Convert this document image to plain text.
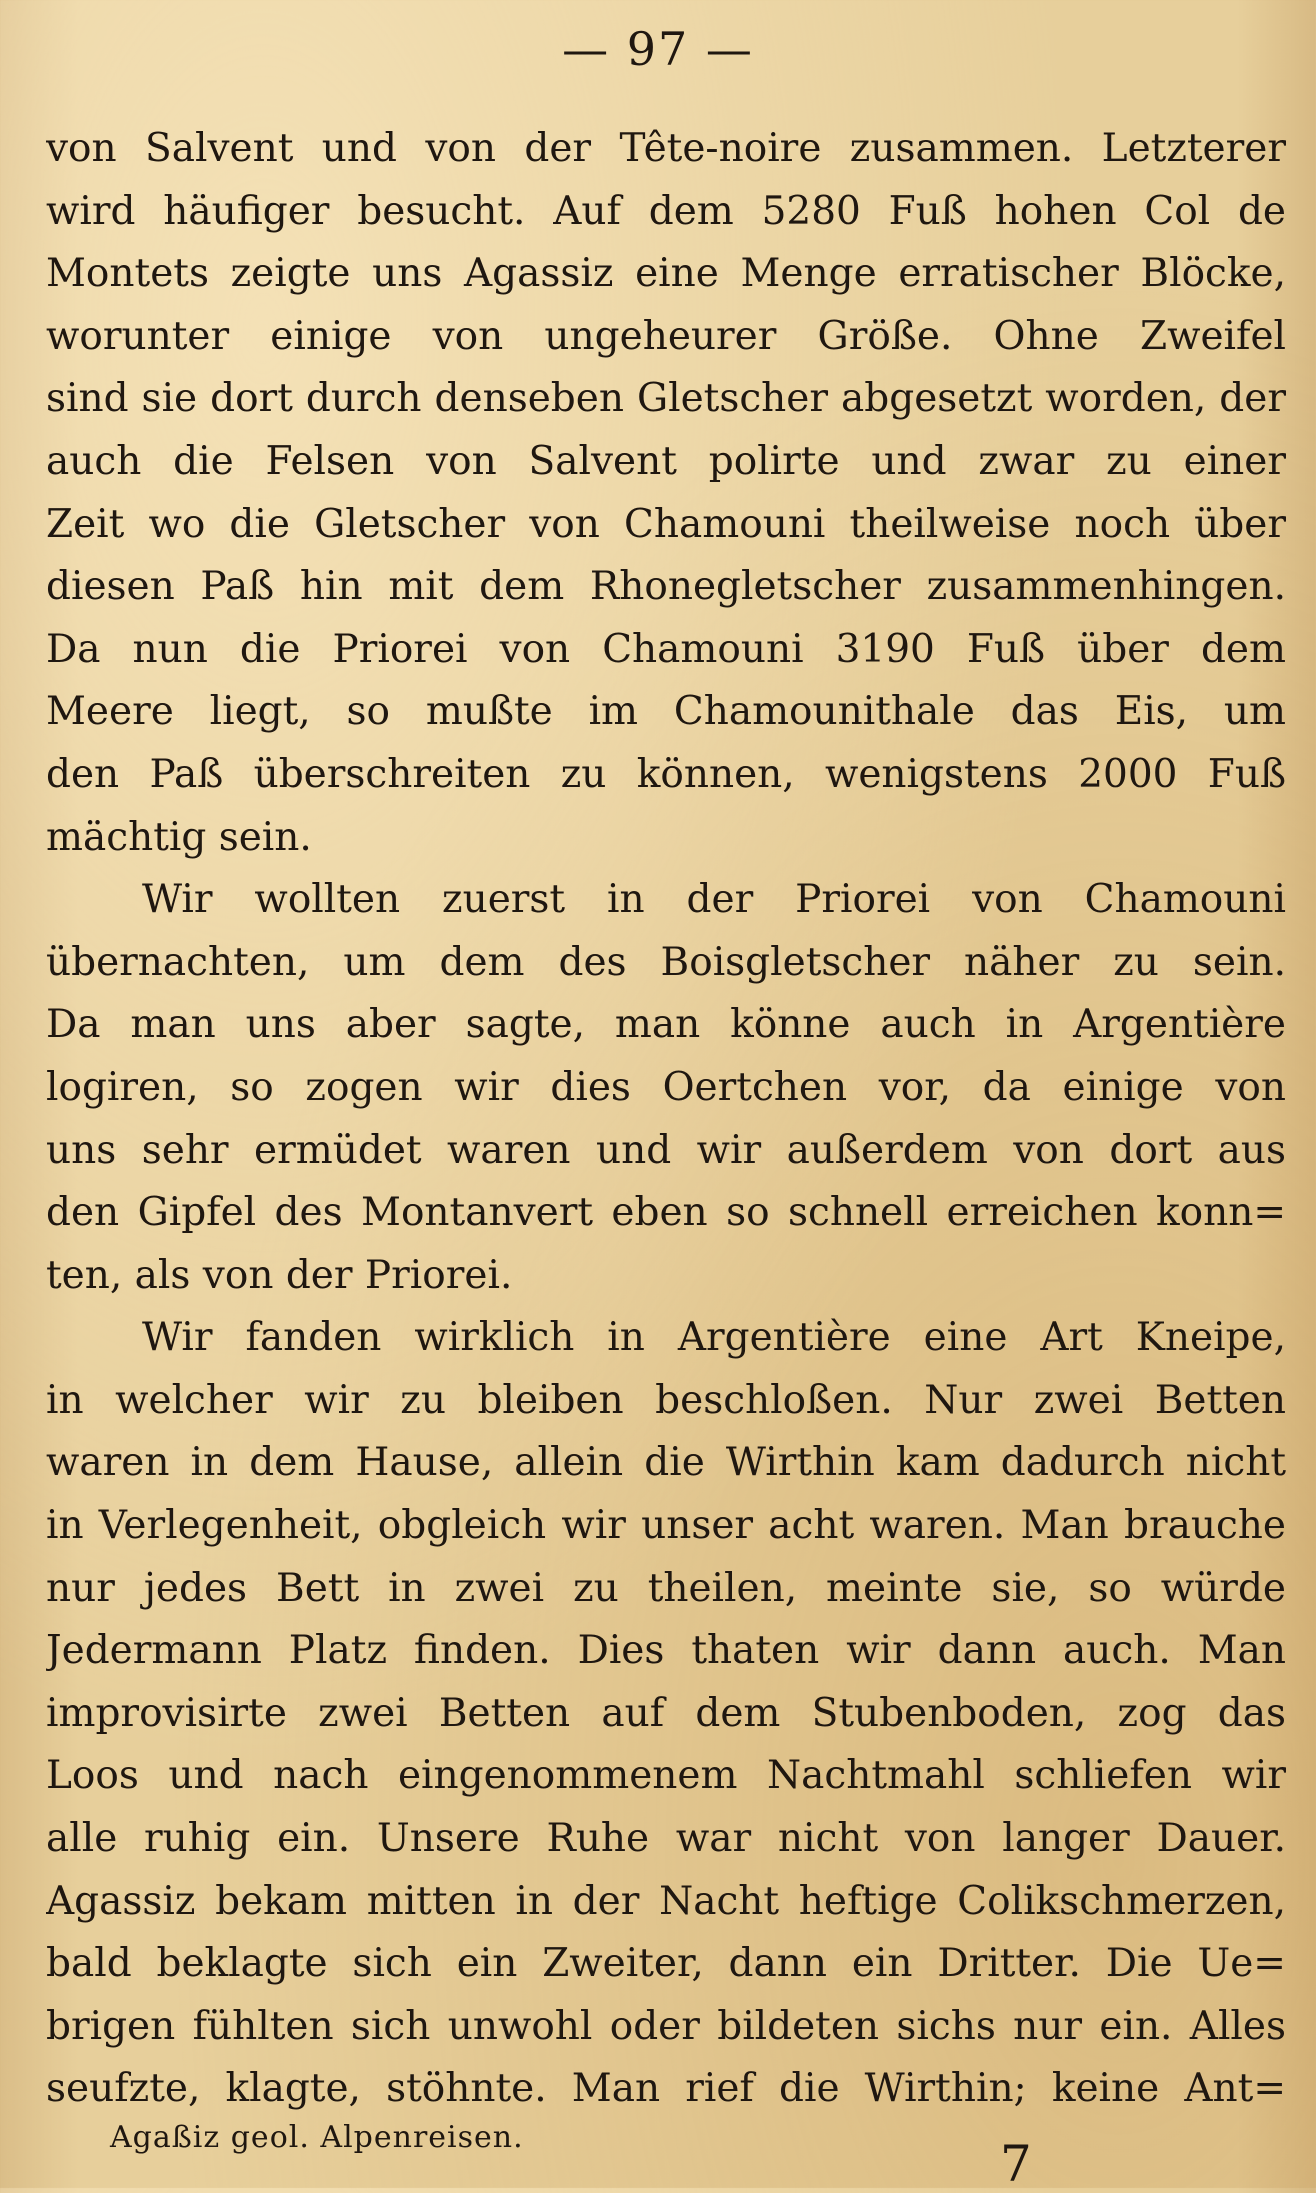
— 97 —
von Salvent und von der Tête-noire zusammen. Letzterer
wird häufiger besucht. Auf dem 5280 Fuß hohen Col de
Montets zeigte uns Agassiz eine Menge erratischer Blöcke,
worunter einige von ungeheurer Größe. Ohne Zweifel
sind sie dort durch denseben Gletscher abgesetzt worden, der
auch die Felsen von Salvent polirte und zwar zu einer
Zeit wo die Gletscher von Chamouni theilweise noch über
diesen Paß hin mit dem Rhonegletscher zusammenhingen.
Da nun die Priorei von Chamouni 3190 Fuß über dem
Meere liegt, so mußte im Chamounithale das Eis, um
den Paß überschreiten zu können, wenigstens 2000 Fuß
mächtig sein.
Wir wollten zuerst in der Priorei von Chamouni
übernachten, um dem des Boisgletscher näher zu sein.
Da man uns aber sagte, man könne auch in Argentière
logiren, so zogen wir dies Oertchen vor, da einige von
uns sehr ermüdet waren und wir außerdem von dort aus
den Gipfel des Montanvert eben so schnell erreichen konn=
ten, als von der Priorei.
Wir fanden wirklich in Argentière eine Art Kneipe,
in welcher wir zu bleiben beschloßen. Nur zwei Betten
waren in dem Hause, allein die Wirthin kam dadurch nicht
in Verlegenheit, obgleich wir unser acht waren. Man brauche
nur jedes Bett in zwei zu theilen, meinte sie, so würde
Jedermann Platz finden. Dies thaten wir dann auch. Man
improvisirte zwei Betten auf dem Stubenboden, zog das
Loos und nach eingenommenem Nachtmahl schliefen wir
alle ruhig ein. Unsere Ruhe war nicht von langer Dauer.
Agassiz bekam mitten in der Nacht heftige Colikschmerzen,
bald beklagte sich ein Zweiter, dann ein Dritter. Die Ue=
brigen fühlten sich unwohl oder bildeten sichs nur ein. Alles
seufzte, klagte, stöhnte. Man rief die Wirthin; keine Ant=
Agaßiz geol. Alpenreisen.	7
